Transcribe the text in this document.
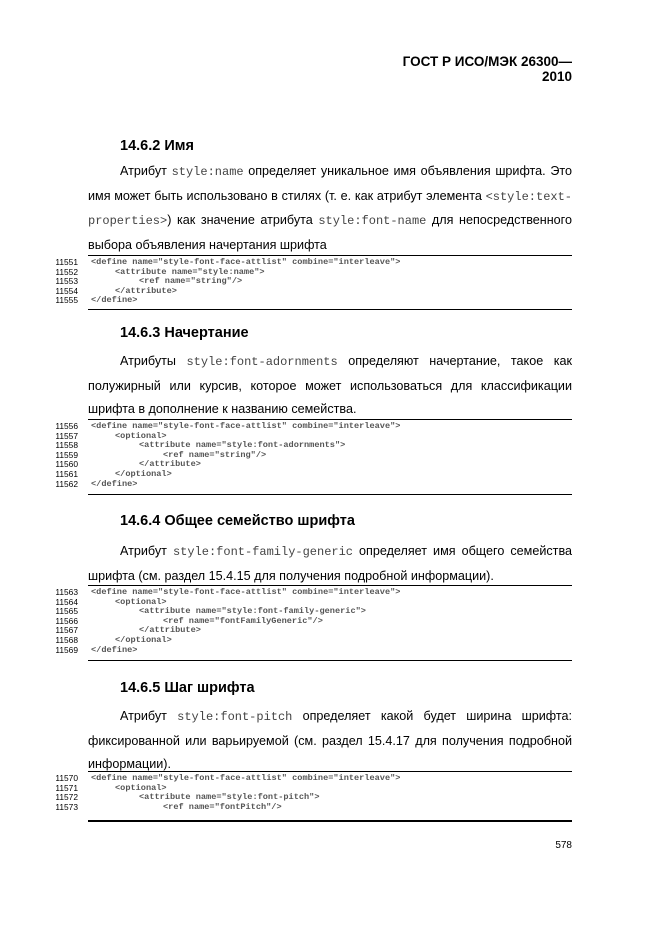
ГОСТ Р ИСО/МЭК 26300—2010
14.6.2 Имя

Атрибут style:name определяет уникальное имя объявления шрифта. Это имя может быть использовано в стилях (т. е. как атрибут элемента <style:text-properties>) как значение атрибута style:font-name для непосредственного выбора объявления начертания шрифта

11551 <define name="style-font-face-attlist" combine="interleave">
11552	<attribute name="style:name">
11553	<ref name="string"/>
11554	</attribute>
11555 </define>
14.6.3 Начертание

Атрибуты style:font-adornments определяют начертание, такое как полужирный или курсив, которое может использоваться для классификации шрифта в дополнение к названию семейства.

11556 <define name="style-font-face-attlist" combine="interleave">
11557	<optional>
11558	<attribute name="style:font-adornments">
11559	<ref name="string"/>
11560	</attribute>
11561	</optional>
11562 </define>
14.6.4 Общее семейство шрифта

Атрибут style:font-family-generic определяет имя общего семейства шрифта (см. раздел 15.4.15 для получения подробной информации).

11563 <define name="style-font-face-attlist" combine="interleave">
11564	<optional>
11565	<attribute name="style:font-family-generic">
11566	<ref name="fontFamilyGeneric"/>
11567	</attribute>
11568	</optional>
11569 </define>
14.6.5 Шаг шрифта

Атрибут style:font-pitch определяет какой будет ширина шрифта: фиксированной или варьируемой (см. раздел 15.4.17 для получения подробной информации).

11570 <define name="style-font-face-attlist" combine="interleave">
11571	<optional>
11572	<attribute name="style:font-pitch">
11573	<ref name="fontPitch"/>
578
